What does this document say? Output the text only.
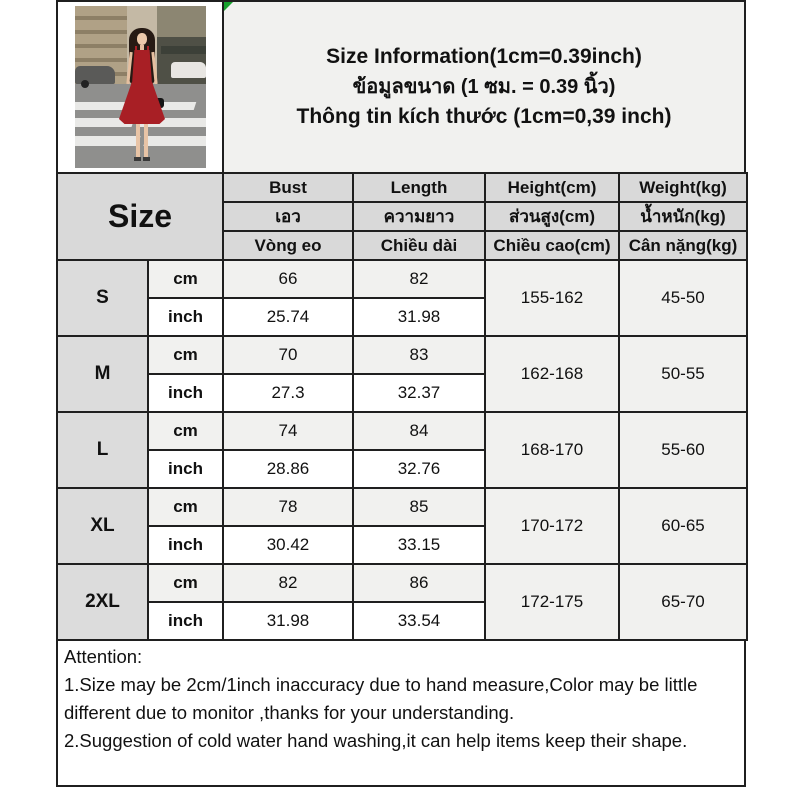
Size Information(1cm=0.39inch)
ข้อมูลขนาด (1 ซม. = 0.39 นิ้ว)
Thông tin kích thước (1cm=0,39 inch)
Size		Bust	Length	Height(cm)	Weight(kg)
		เอว	ความยาว	ส่วนสูง(cm)	น้ำหนัก(kg)
		Vòng eo	Chiều dài	Chiều cao(cm)	Cân nặng(kg)
S	cm	66	82	155-162	45-50
	inch	25.74	31.98		
M	cm	70	83	162-168	50-55
	inch	27.3	32.37		
L	cm	74	84	168-170	55-60
	inch	28.86	32.76		
XL	cm	78	85	170-172	60-65
	inch	30.42	33.15		
2XL	cm	82	86	172-175	65-70
	inch	31.98	33.54		

Attention:

1.Size may be 2cm/1inch inaccuracy due to hand measure,Color may be little different due to monitor ,thanks for your understanding.

2.Suggestion of cold water hand washing,it can help items keep their shape.
